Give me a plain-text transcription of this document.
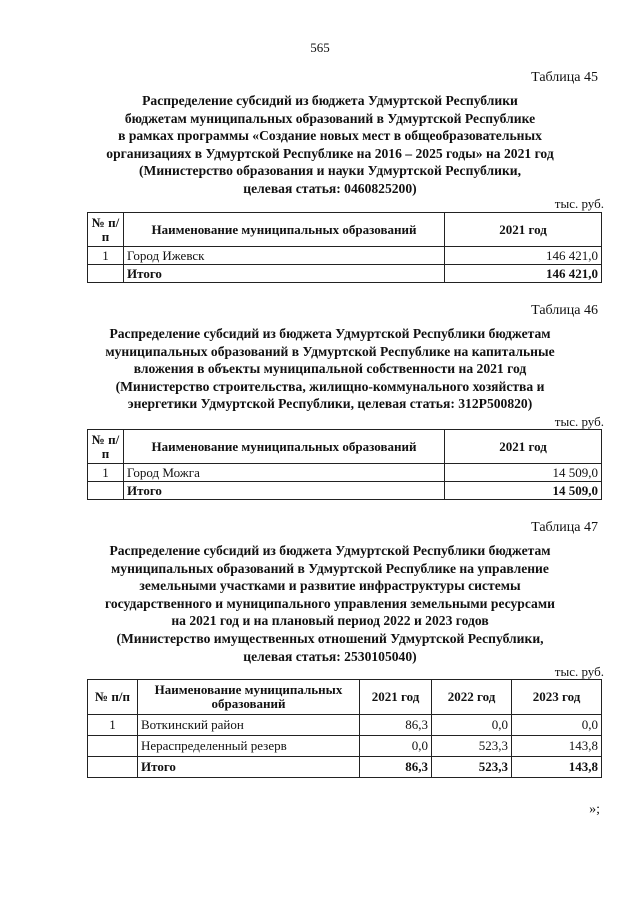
565
Таблица 45
Распределение субсидий из бюджета Удмуртской Республики
бюджетам муниципальных образований в Удмуртской Республике
в рамках программы «Создание новых мест в общеобразовательных
организациях в Удмуртской Республике на 2016 – 2025 годы» на 2021 год
(Министерство образования и науки Удмуртской Республики,
целевая статья: 0460825200)
тыс. руб.
№ п/п	Наименование муниципальных образований	2021 год
1	Город Ижевск	146 421,0
	Итого	146 421,0
Таблица 46
Распределение субсидий из бюджета Удмуртской Республики бюджетам
муниципальных образований в Удмуртской Республике на капитальные
вложения в объекты муниципальной собственности на 2021 год
(Министерство строительства, жилищно-коммунального хозяйства и
энергетики Удмуртской Республики, целевая статья: 312P500820)
тыс. руб.
№ п/п	Наименование муниципальных образований	2021 год
1	Город Можга	14 509,0
	Итого	14 509,0
Таблица 47
Распределение субсидий из бюджета Удмуртской Республики бюджетам
муниципальных образований в Удмуртской Республике на управление
земельными участками и развитие инфраструктуры системы
государственного и муниципального управления земельными ресурсами
на 2021 год и на плановый период 2022 и 2023 годов
(Министерство имущественных отношений Удмуртской Республики,
целевая статья: 2530105040)
тыс. руб.
№ п/п	Наименование муниципальных образований	2021 год	2022 год	2023 год
1	Воткинский район	86,3	0,0	0,0
	Нераспределенный резерв	0,0	523,3	143,8
	Итого	86,3	523,3	143,8
»;
